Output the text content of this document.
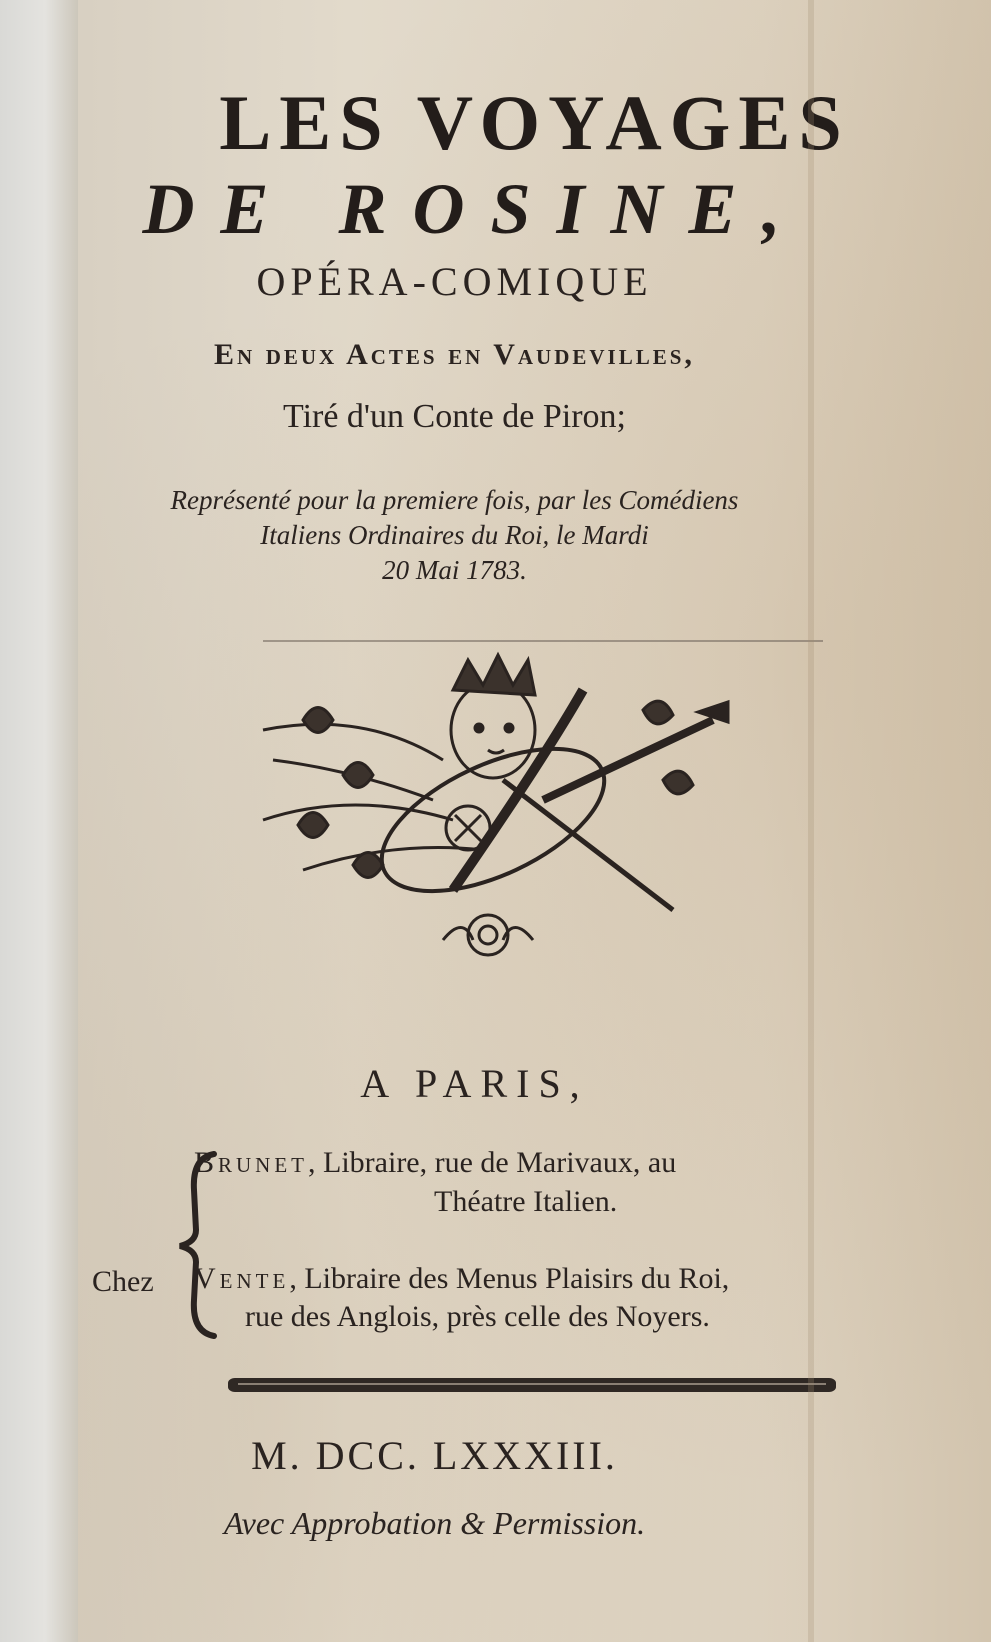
LES VOYAGES
DE ROSINE,
OPÉRA-COMIQUE
En deux Actes en Vaudevilles,
Tiré d'un Conte de Piron;
Représenté pour la premiere fois, par les Comédiens
Italiens Ordinaires du Roi, le Mardi
20 Mai 1783.
A PARIS,
Chez
Brunet, Libraire, rue de Marivaux, au
Théatre Italien.
Vente, Libraire des Menus Plaisirs du Roi,
rue des Anglois, près celle des Noyers.
M. DCC. LXXXIII.
Avec Approbation & Permission.
